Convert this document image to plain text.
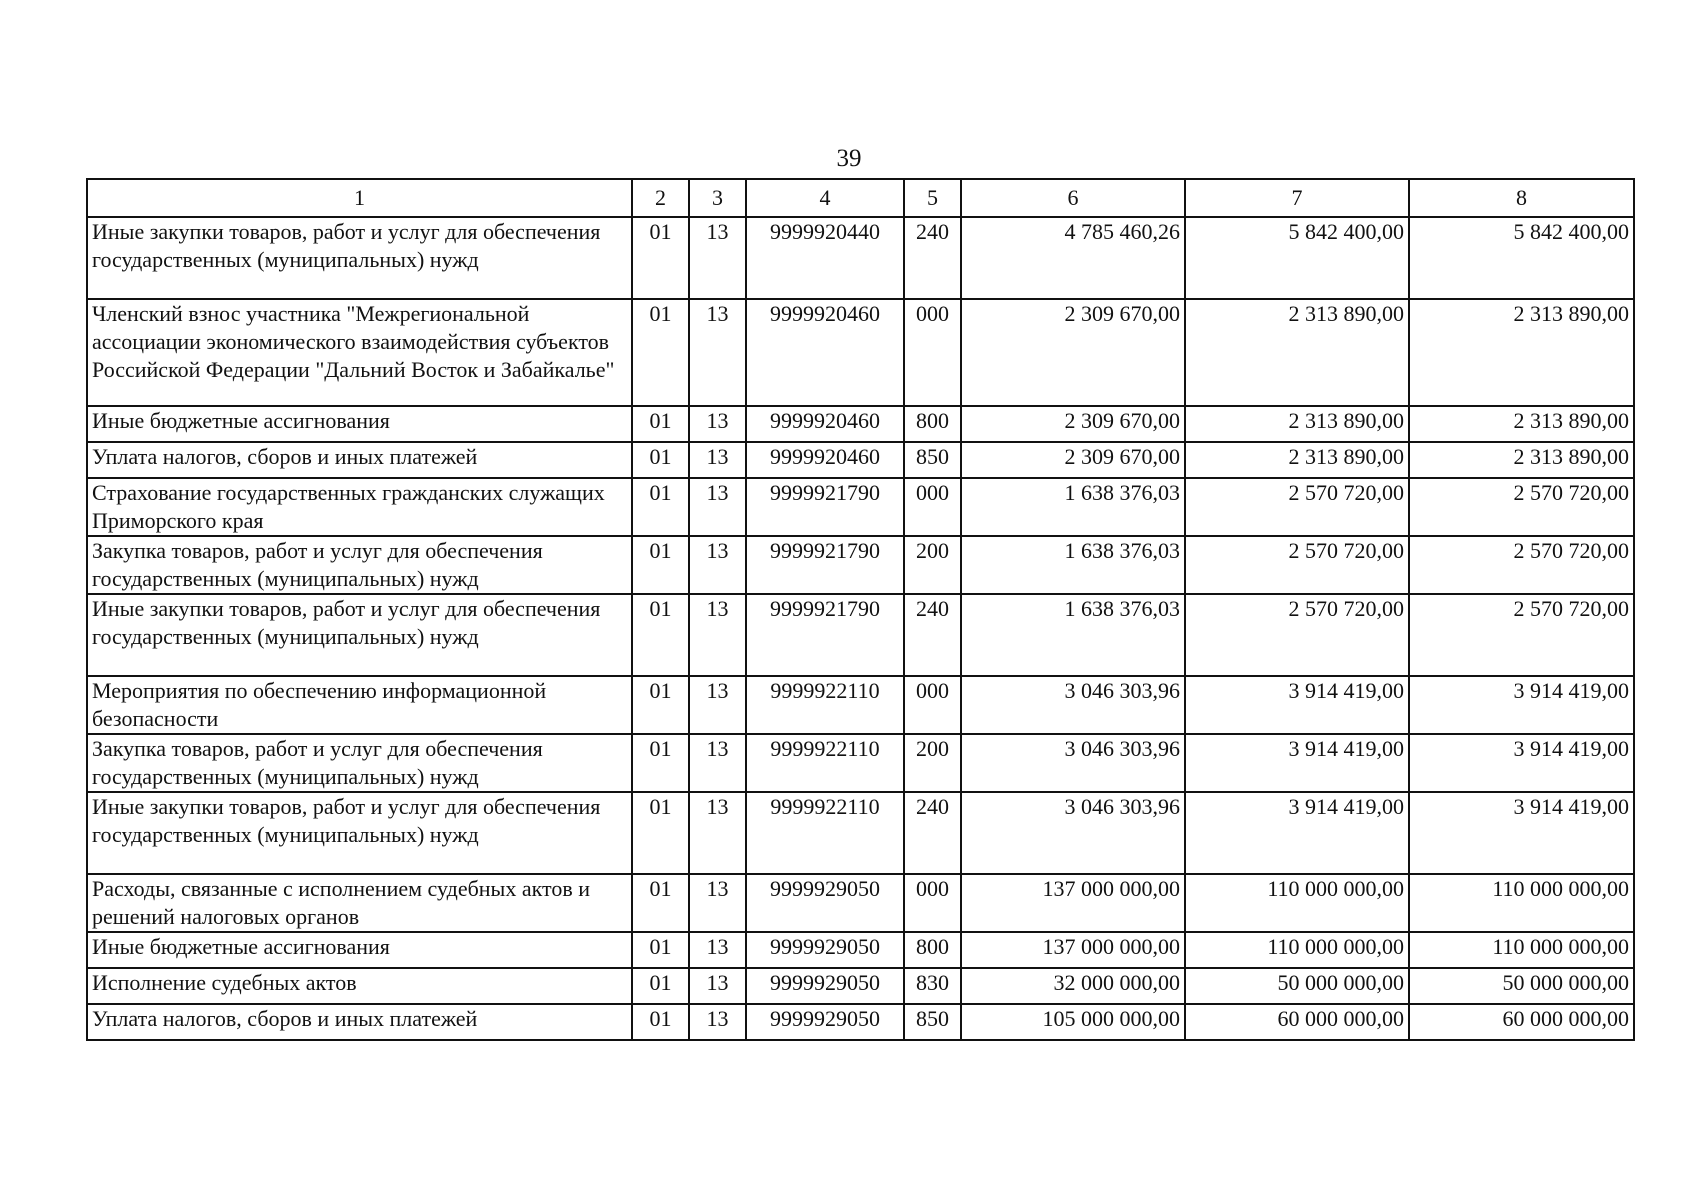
39
1	2	3	4	5	6	7	8
Иные закупки товаров, работ и услуг для обеспечения государственных (муниципальных) нужд	01	13	9999920440	240	4 785 460,26	5 842 400,00	5 842 400,00
Членский взнос участника "Межрегиональной ассоциации экономического взаимодействия субъектов Российской Федерации "Дальний Восток и Забайкалье"	01	13	9999920460	000	2 309 670,00	2 313 890,00	2 313 890,00
Иные бюджетные ассигнования	01	13	9999920460	800	2 309 670,00	2 313 890,00	2 313 890,00
Уплата налогов, сборов и иных платежей	01	13	9999920460	850	2 309 670,00	2 313 890,00	2 313 890,00
Страхование государственных гражданских служащих Приморского края	01	13	9999921790	000	1 638 376,03	2 570 720,00	2 570 720,00
Закупка товаров, работ и услуг для обеспечения государственных (муниципальных) нужд	01	13	9999921790	200	1 638 376,03	2 570 720,00	2 570 720,00
Иные закупки товаров, работ и услуг для обеспечения государственных (муниципальных) нужд	01	13	9999921790	240	1 638 376,03	2 570 720,00	2 570 720,00
Мероприятия по обеспечению информационной безопасности	01	13	9999922110	000	3 046 303,96	3 914 419,00	3 914 419,00
Закупка товаров, работ и услуг для обеспечения государственных (муниципальных) нужд	01	13	9999922110	200	3 046 303,96	3 914 419,00	3 914 419,00
Иные закупки товаров, работ и услуг для обеспечения государственных (муниципальных) нужд	01	13	9999922110	240	3 046 303,96	3 914 419,00	3 914 419,00
Расходы, связанные с исполнением судебных актов и решений налоговых органов	01	13	9999929050	000	137 000 000,00	110 000 000,00	110 000 000,00
Иные бюджетные ассигнования	01	13	9999929050	800	137 000 000,00	110 000 000,00	110 000 000,00
Исполнение судебных актов	01	13	9999929050	830	32 000 000,00	50 000 000,00	50 000 000,00
Уплата налогов, сборов и иных платежей	01	13	9999929050	850	105 000 000,00	60 000 000,00	60 000 000,00
